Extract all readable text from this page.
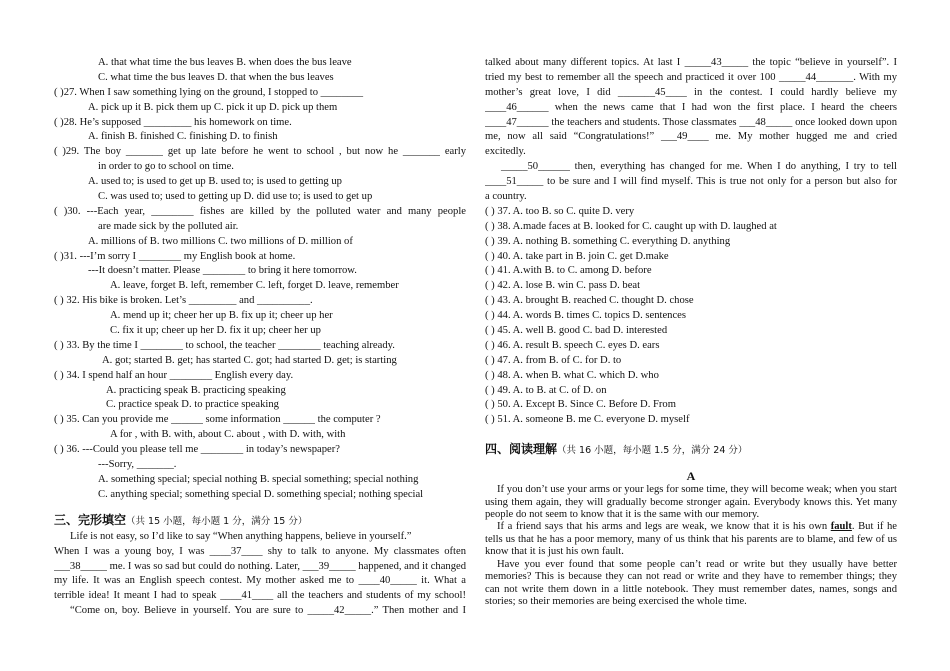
A. that what time the bus leaves B. when does the bus leave
C. what time the bus leaves D. that when the bus leaves
( )27. When I saw something lying on the ground, I stopped to ________
A. pick up it B. pick them up C. pick it up D. pick up them
( )28. He’s supposed _________ his homework on time.
A. finish B. finished C. finishing D. to finish
( )29. The boy _______ get up late before he went to school , but now he _______ early
in order to go to school on time.
A. used to; is used to get up B. used to; is used to getting up
C. was used to; used to getting up D. did use to; is used to get up
( )30. ---Each year, ________ fishes are killed by the polluted water and many people
are made sick by the polluted air.
A. millions of B. two millions C. two millions of D. million of
( )31. ---I’m sorry I ________ my English book at home.
---It doesn’t matter. Please ________ to bring it here tomorrow.
A. leave, forget B. left, remember C. left, forget D. leave, remember
( ) 32. His bike is broken. Let’s _________ and __________.
A. mend up it; cheer her up B. fix up it; cheer up her
C. fix it up; cheer up her D. fix it up; cheer her up
( ) 33. By the time I ________ to school, the teacher ________ teaching already.
A. got; started B. get; has started C. got; had started D. get; is starting
( ) 34. I spend half an hour ________ English every day.
A. practicing speak B. practicing speaking
C. practice speak D. to practice speaking
( ) 35. Can you provide me ______ some information ______ the computer ?
A for , with B. with, about C. about , with D. with, with
( ) 36. ---Could you please tell me ________ in today’s newspaper?
---Sorry, _______.
A. something special; special nothing B. special something; special nothing
C. anything special; something special D. something special; nothing special
三、完形填空（共 15 小题，每小题 1 分，满分 15 分）
Life is not easy, so I’d like to say “When anything happens, believe in yourself.”
When I was a young boy, I was ____37____ shy to talk to anyone. My classmates often
___38_____ me. I was so sad but could do nothing. Later, ___39_____ happened, and it changed
my life. It was an English speech contest. My mother asked me to ____40_____ it. What a
terrible idea! It meant I had to speak ____41____ all the teachers and students of my school!
“Come on, boy. Believe in yourself. You are sure to _____42_____.” Then mother and I
talked about many different topics. At last I _____43_____ the topic “believe in yourself”. I
tried my best to remember all the speech and practiced it over 100 _____44_______. With my
mother’s great love, I did _______45____ in the contest. I could hardly believe my
____46______ when the news came that I had won the first place. I heard the cheers
____47______ the teachers and students. Those classmates ___48_____ once looked down upon
me, now all said “Congratulations!” ___49____ me. My mother hugged me and cried
excitedly.
_____50______ then, everything has changed for me. When I do anything, I try to tell
____51_____ to be sure and I will find myself. This is true not only for a person but also for
a country.
( ) 37. A. too B. so C. quite D. very
( ) 38. A.made faces at B. looked for C. caught up with D. laughed at
( ) 39. A. nothing B. something C. everything D. anything
( ) 40. A. take part in B. join C. get D.make
( ) 41. A.with B. to C. among D. before
( ) 42. A. lose B. win C. pass D. beat
( ) 43. A. brought B. reached C. thought D. chose
( ) 44. A. words B. times C. topics D. sentences
( ) 45. A. well B. good C. bad D. interested
( ) 46. A. result B. speech C. eyes D. ears
( ) 47. A. from B. of C. for D. to
( ) 48. A. when B. what C. which D. who
( ) 49. A. to B. at C. of D. on
( ) 50. A. Except B. Since C. Before D. From
( ) 51. A. someone B. me C. everyone D. myself
四、阅读理解（共 16 小题，每小题 1.5 分，满分 24 分）
A

If you don’t use your arms or your legs for some time, they will become weak; when you start using them again, they will gradually become stronger again. Everybody knows this. Yet many people do not seem to know that it is the same with our memory.

If a friend says that his arms and legs are weak, we know that it is his own fault. But if he tells us that he has a poor memory, many of us think that his parents are to blame, and few of us know that it is just his own fault.

Have you ever found that some people can’t read or write but they usually have better memories? This is because they can not read or write and they have to remember things; they can not write them down in a little notebook. They must remember dates, names, songs and stories; so their memories are being exercised the whole time.
